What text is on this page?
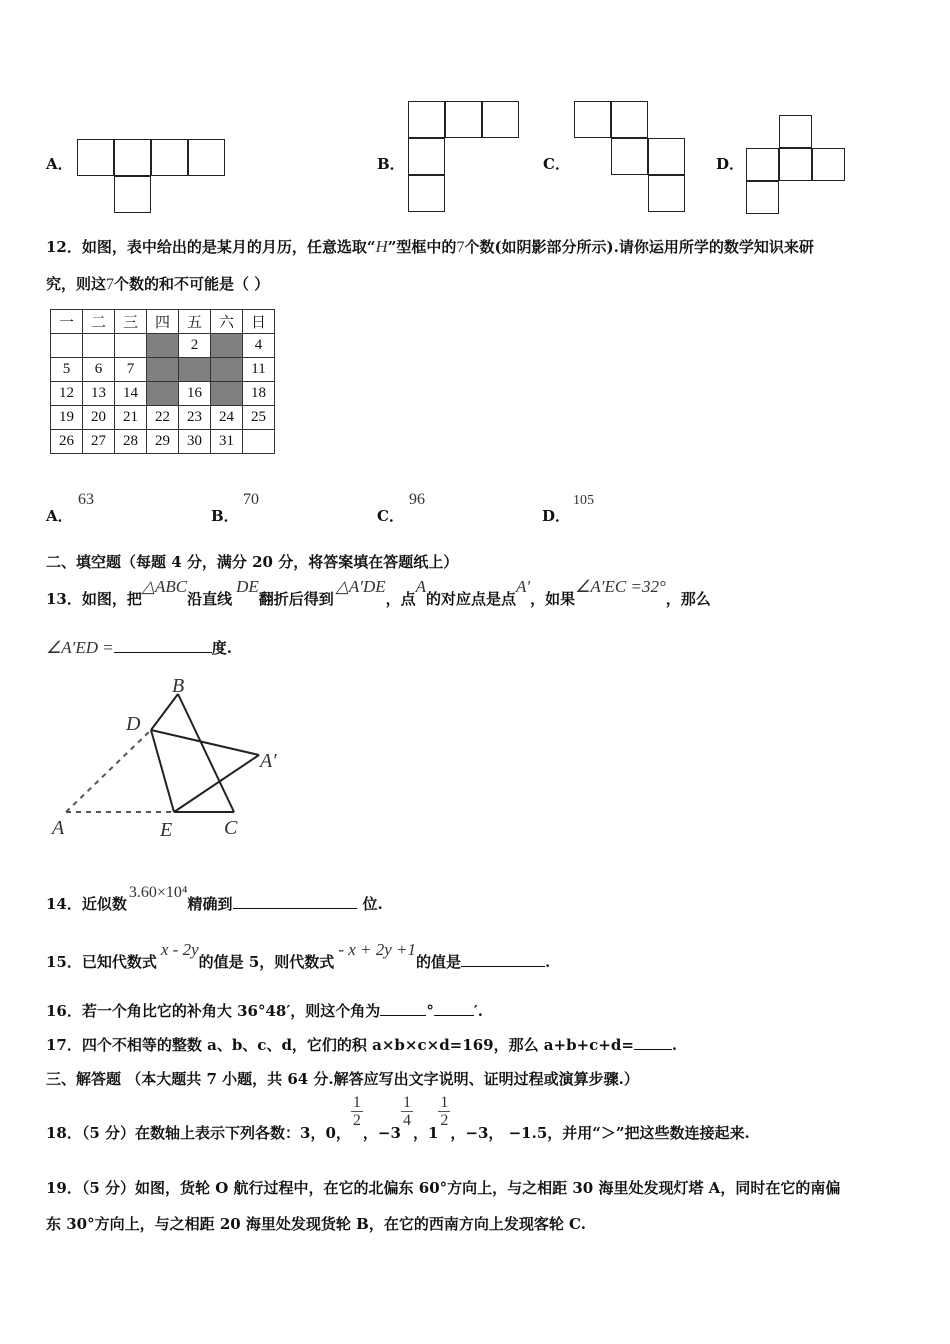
A．	B．	C．	D．
12．如图，表中给出的是某月的月历，任意选取“H”型框中的7个数(如阴影部分所示).请你运用所学的数学知识来研
究，则这7个数的和不可能是（ ）
一	二	三	四	五	六	日
				2		4
5	6	7				11
12	13	14		16		18
19	20	21	22	23	24	25
26	27	28	29	30	31	
A．
63
B．
70
C．
96
D．
105
二、填空题（每题 4 分，满分 20 分，将答案填在答题纸上）
13．如图，把△ABC沿直线DE翻折后得到△A′DE，点A的对应点是点A′，如果∠A′EC =32°，那么
∠A′ED =	度.
B
D
A′
A	E	C
14．近似数3.60×10⁴精确到	位.
15．已知代数式x - 2y的值是 5，则代数式- x + 2y +1的值是	.
16．若一个角比它的补角大 36°48′，则这个角为	°	′.
17．四个不相等的整数 a、b、c、d，它们的积 a×b×c×d=169，那么 a+b+c+d=	.
三、解答题 （本大题共 7 小题，共 64 分.解答应写出文字说明、证明过程或演算步骤.）
18．（5 分）在数轴上表示下列各数：3，0，
$\frac{1}{2}$
，−3
$\frac{1}{4}$
，1
$\frac{1}{2}$
，−3， −1.5，并用“＞”把这些数连接起来.
19．（5 分）如图，货轮 O 航行过程中，在它的北偏东 60°方向上，与之相距 30 海里处发现灯塔 A，同时在它的南偏
东 30°方向上，与之相距 20 海里处发现货轮 B，在它的西南方向上发现客轮 C.
